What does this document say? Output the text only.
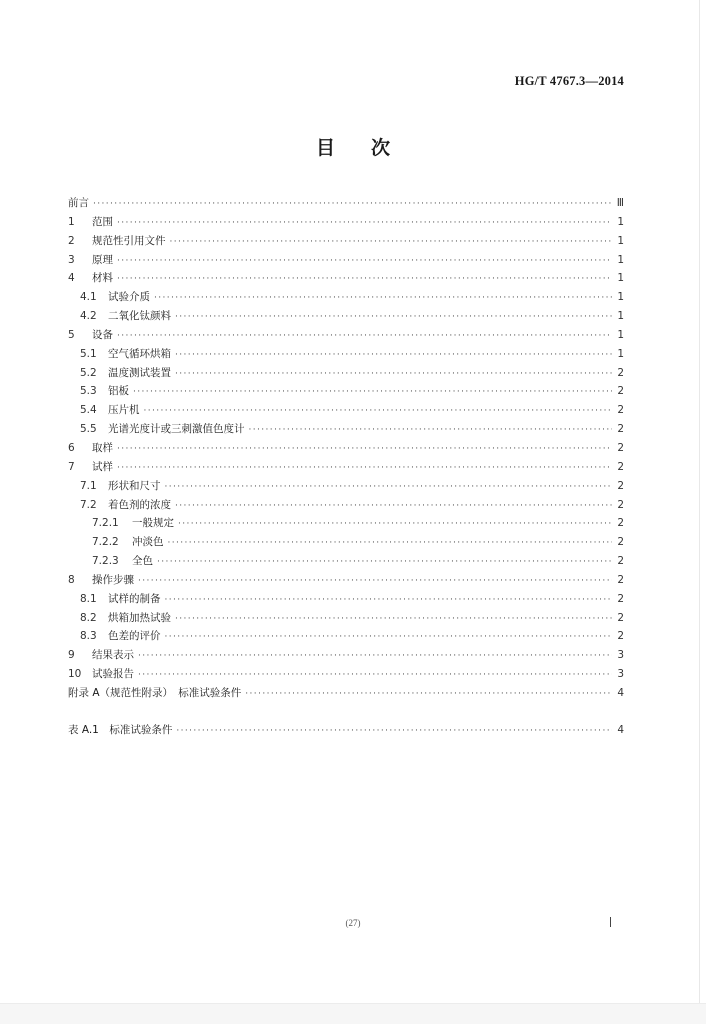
HG/T 4767.3—2014
目 次
前言 ·····	Ⅲ
1	范围 ·····	1
2	规范性引用文件 ·····	1
3	原理 ·····	1
4	材料 ·····	1
4.1	试验介质 ·····	1
4.2	二氧化钛颜料 ·····	1
5	设备 ·····	1
5.1	空气循环烘箱 ·····	1
5.2	温度测试装置 ·····	2
5.3	铝板 ·····	2
5.4	压片机 ·····	2
5.5	光谱光度计或三刺激值色度计 ·····	2
6	取样 ·····	2
7	试样 ·····	2
7.1	形状和尺寸 ·····	2
7.2	着色剂的浓度 ·····	2
7.2.1	一般规定 ·····	2
7.2.2	冲淡色 ·····	2
7.2.3	全色 ·····	2
8	操作步骤 ·····	2
8.1	试样的制备 ·····	2
8.2	烘箱加热试验 ·····	2
8.3	色差的评价 ·····	2
9	结果表示 ·····	3
10	试验报告 ·····	3
附录 A（规范性附录）　标准试验条件 ·····	4
表 A.1　标准试验条件 ·····	4
(27)
